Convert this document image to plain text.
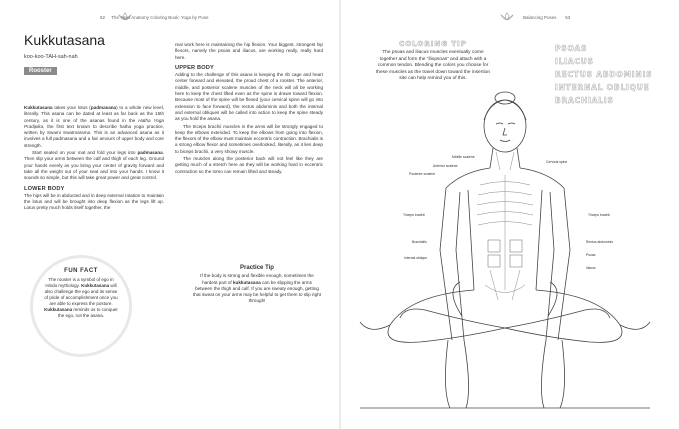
52 The Yoga Anatomy Coloring Book: Yoga by Pose	Balancing Poses 53
Kukkutasana
koo-koo-TAH-sah-nah
Rooster

Kukkutasana takes your lotus (padmasana) to a whole new level, literally. This asana can be dated at least as far back as the 15th century, as it is one of the asanas found in the Hatha Yoga Pradipika, the first text known to describe hatha yoga practice, written by Swami Swatmarama. This is an advanced asana as it involves a full padmasana and a fair amount of upper body and core strength.

Start seated on your mat and fold your legs into padmasana. Then slip your arms between the calf and thigh of each leg. Ground your hands evenly as you bring your center of gravity forward and take all the weight out of your seat and into your hands. I know it sounds so simple, but this will take great power and great control.

LOWER BODY

The hips will be in abducted and in deep external rotation to maintain the lotus and will be brought into deep flexion as the legs lift up. Lotus pretty much holds itself together, the

FUN FACT
The rooster is a symbol of ego in Hindu mythology. Kukkutasana will also challenge the ego and its sense of pride of accomplishment once you are able to express the posture. Kukkutasana reminds us to conquer the ego, not the asana.

real work here is maintaining the hip flexion. Your biggest, strongest hip flexors, namely the psoas and iliacus, are working really, really hard here.

UPPER BODY

Adding to the challenge of this asana is keeping the rib cage and heart center forward and elevated, the proud chest of a rooster. The anterior, middle, and posterior scalene muscles of the neck will all be working here to keep the chest lifted even as the spine is drawn toward flexion. Because most of the spine will be flexed (your cervical spine will go into extension to face forward), the rectus abdominis and both the internal and external obliques will be called into action to keep the spine steady as you hold the asana.

The triceps brachii muscles in the arms will be strongly engaged to keep the elbows extended. To keep the elbows from going into flexion, the flexors of the elbow must maintain eccentric contraction. Brachialis is a strong elbow flexor and sometimes overlooked, literally, as it lies deep to biceps brachii, a very showy muscle.

The muscles along the posterior back will not feel like they are getting much of a stretch here as they will be working hard in eccentric contraction so the torso can remain lifted and steady.

Practice Tip
If the body is strong and flexible enough, sometimes the hardest part of kukkutasana can be slipping the arms between the thigh and calf. If you are sweaty enough, getting that sweat on your arms may be helpful to get them to slip right through!
COLORING TIP
The psoas and iliacus muscles eventually come together and form the "iliopsoas" and attach with a common tendon. Blending the colors you choose for these muscles as the travel down toward the insertion site can help remind you of this.
PSOAS
ILIACUS
RECTUS ABDOMINIS
INTERNAL OBLIQUE
BRACHIALIS
Middle scalene
Anterior scalene
Posterior scalene
Cervical spine
Triceps brachii	Triceps brachii
Brachialis
Internal oblique
Rectus abdominis
Psoas
Iliacus
